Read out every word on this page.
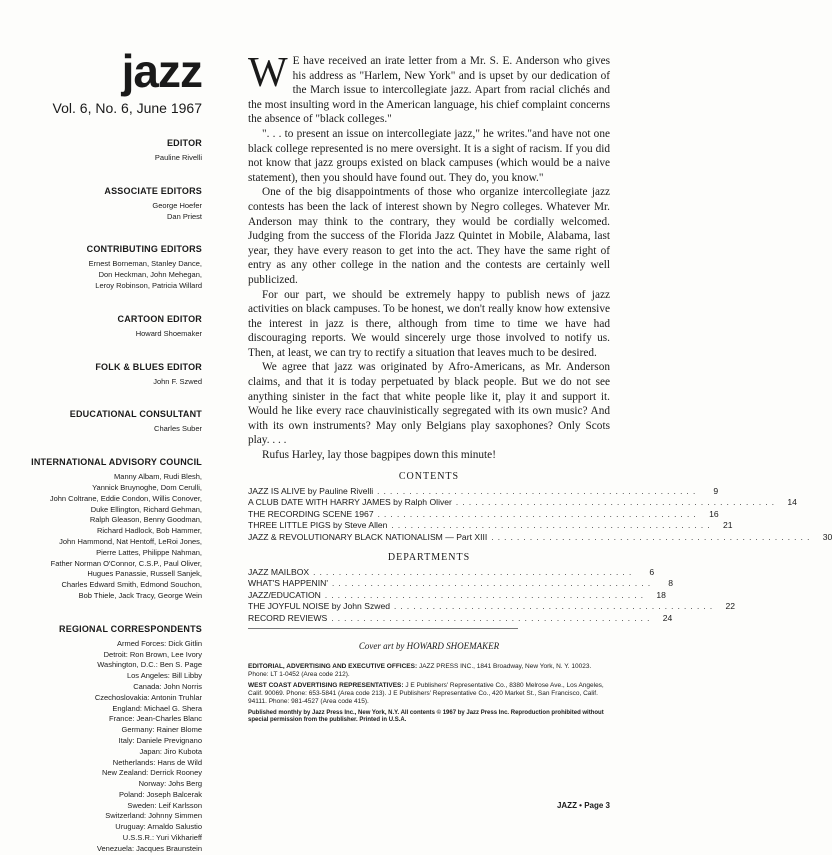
jazz
Vol. 6, No. 6, June 1967
EDITOR
Pauline Rivelli
ASSOCIATE EDITORS
George Hoefer
Dan Priest
CONTRIBUTING EDITORS
Ernest Borneman, Stanley Dance,
Don Heckman, John Mehegan,
Leroy Robinson, Patricia Willard
CARTOON EDITOR
Howard Shoemaker
FOLK & BLUES EDITOR
John F. Szwed
EDUCATIONAL CONSULTANT
Charles Suber
INTERNATIONAL ADVISORY COUNCIL
Manny Albam, Rudi Blesh,
Yannick Bruynoghe, Dom Cerulli,
John Coltrane, Eddie Condon, Willis Conover,
Duke Ellington, Richard Gehman,
Ralph Gleason, Benny Goodman,
Richard Hadlock, Bob Hammer,
John Hammond, Nat Hentoff, LeRoi Jones,
Pierre Lattes, Philippe Nahman,
Father Norman O'Connor, C.S.P., Paul Oliver,
Hugues Panassie, Russell Sanjek,
Charles Edward Smith, Edmond Souchon,
Bob Thiele, Jack Tracy, George Wein
REGIONAL CORRESPONDENTS
Armed Forces: Dick Gitlin
Detroit: Ron Brown, Lee Ivory
Washington, D.C.: Ben S. Page
Los Angeles: Bill Libby
Canada: John Norris
Czechoslovakia: Antonin Truhlar
England: Michael G. Shera
France: Jean-Charles Blanc
Germany: Rainer Blome
Italy: Daniele Prevignano
Japan: Jiro Kubota
Netherlands: Hans de Wild
New Zealand: Derrick Rooney
Norway: Johs Berg
Poland: Joseph Balcerak
Sweden: Leif Karlsson
Switzerland: Johnny Simmen
Uruguay: Arnaldo Salustio
U.S.S.R.: Yuri Vikharieff
Venezuela: Jacques Braunstein

W E have received an irate letter from a Mr. S. E. Anderson who gives his address as "Harlem, New York" and is upset by our dedication of the March issue to intercollegiate jazz. Apart from racial clichés and the most insulting word in the American language, his chief complaint concerns the absence of "black colleges."

". . . to present an issue on intercollegiate jazz," he writes."and have not one black college represented is no mere oversight. It is a sight of racism. If you did not know that jazz groups existed on black campuses (which would be a naive statement), then you should have found out. They do, you know."

One of the big disappointments of those who organize intercollegiate jazz contests has been the lack of interest shown by Negro colleges. Whatever Mr. Anderson may think to the contrary, they would be cordially welcomed. Judging from the success of the Florida Jazz Quintet in Mobile, Alabama, last year, they have every reason to get into the act. They have the same right of entry as any other college in the nation and the contests are certainly well publicized.

For our part, we should be extremely happy to publish news of jazz activities on black campuses. To be honest, we don't really know how extensive the interest in jazz is there, although from time to time we have had discouraging reports. We would sincerely urge those involved to notify us. Then, at least, we can try to rectify a situation that leaves much to be desired.

We agree that jazz was originated by Afro-Americans, as Mr. Anderson claims, and that it is today perpetuated by black people. But we do not see anything sinister in the fact that white people like it, play it and support it. Would he like every race chauvinistically segregated with its own music? And with its own instruments? May only Belgians play saxophones? Only Scots play. . . .

Rufus Harley, lay those bagpipes down this minute!

CONTENTS
JAZZ IS ALIVE by Pauline Rivelli . . .	9
A CLUB DATE WITH HARRY JAMES by Ralph Oliver . . .	14
THE RECORDING SCENE 1967 . . .	16
THREE LITTLE PIGS by Steve Allen . . .	21
JAZZ & REVOLUTIONARY BLACK NATIONALISM — Part XIII . . .	30
DEPARTMENTS
JAZZ MAILBOX . . .	6
WHAT'S HAPPENIN' . . .	8
JAZZ/EDUCATION . . .	18
THE JOYFUL NOISE by John Szwed . . .	22
RECORD REVIEWS . . .	24
Cover art by HOWARD SHOEMAKER

EDITORIAL, ADVERTISING AND EXECUTIVE OFFICES: JAZZ PRESS INC., 1841 Broadway, New York, N. Y. 10023. Phone: LT 1-0452 (Area code 212).

WEST COAST ADVERTISING REPRESENTATIVES: J E Publishers' Representative Co., 8380 Melrose Ave., Los Angeles, Calif. 90069. Phone: 653-5841 (Area code 213). J E Publishers' Representative Co., 420 Market St., San Francisco, Calif. 94111. Phone: 981-4527 (Area code 415).

Published monthly by Jazz Press Inc., New York, N.Y. All contents © 1967 by Jazz Press Inc. Reproduction prohibited without special permission from the publisher. Printed in U.S.A.

JAZZ • Page 3
